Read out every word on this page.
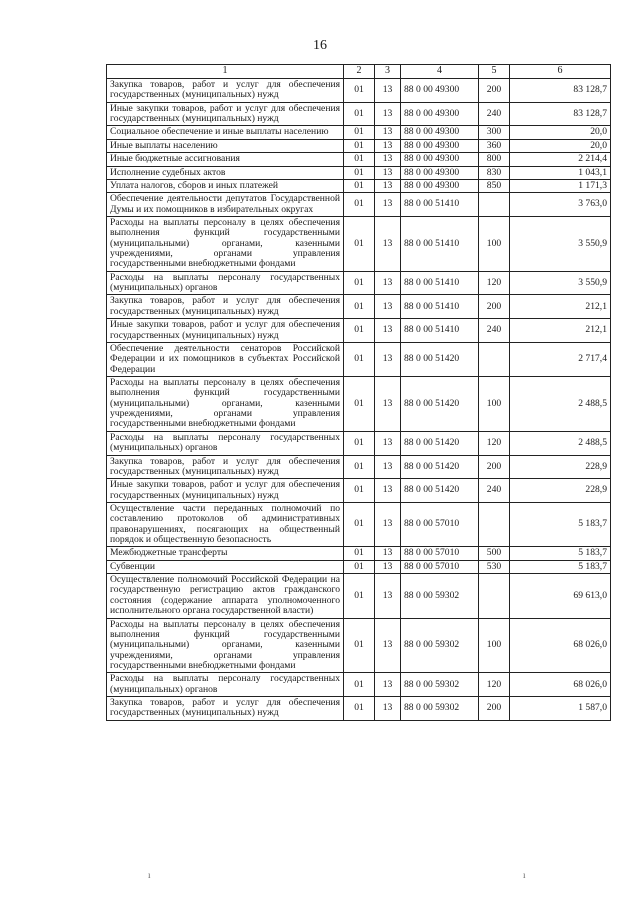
16
1	2	3	4	5	6
Закупка товаров, работ и услуг для обеспечения государственных (муниципальных) нужд	01	13	88 0 00 49300	200	83 128,7
Иные закупки товаров, работ и услуг для обеспечения государственных (муниципальных) нужд	01	13	88 0 00 49300	240	83 128,7
Социальное обеспечение и иные выплаты населению	01	13	88 0 00 49300	300	20,0
Иные выплаты населению	01	13	88 0 00 49300	360	20,0
Иные бюджетные ассигнования	01	13	88 0 00 49300	800	2 214,4
Исполнение судебных актов	01	13	88 0 00 49300	830	1 043,1
Уплата налогов, сборов и иных платежей	01	13	88 0 00 49300	850	1 171,3
Обеспечение деятельности депутатов Государственной Думы и их помощников в избирательных округах	01	13	88 0 00 51410		3 763,0
Расходы на выплаты персоналу в целях обеспечения выполнения функций государственными (муниципальными) органами, казенными учреждениями, органами управления государственными внебюджетными фондами	01	13	88 0 00 51410	100	3 550,9
Расходы на выплаты персоналу государственных (муниципальных) органов	01	13	88 0 00 51410	120	3 550,9
Закупка товаров, работ и услуг для обеспечения государственных (муниципальных) нужд	01	13	88 0 00 51410	200	212,1
Иные закупки товаров, работ и услуг для обеспечения государственных (муниципальных) нужд	01	13	88 0 00 51410	240	212,1
Обеспечение деятельности сенаторов Российской Федерации и их помощников в субъектах Российской Федерации	01	13	88 0 00 51420		2 717,4
Расходы на выплаты персоналу в целях обеспечения выполнения функций государственными (муниципальными) органами, казенными учреждениями, органами управления государственными внебюджетными фондами	01	13	88 0 00 51420	100	2 488,5
Расходы на выплаты персоналу государственных (муниципальных) органов	01	13	88 0 00 51420	120	2 488,5
Закупка товаров, работ и услуг для обеспечения государственных (муниципальных) нужд	01	13	88 0 00 51420	200	228,9
Иные закупки товаров, работ и услуг для обеспечения государственных (муниципальных) нужд	01	13	88 0 00 51420	240	228,9
Осуществление части переданных полномочий по составлению протоколов об административных правонарушениях, посягающих на общественный порядок и общественную безопасность	01	13	88 0 00 57010		5 183,7
Межбюджетные трансферты	01	13	88 0 00 57010	500	5 183,7
Субвенции	01	13	88 0 00 57010	530	5 183,7
Осуществление полномочий Российской Федерации на государственную регистрацию актов гражданского состояния (содержание аппарата уполномоченного исполнительного органа государственной власти)	01	13	88 0 00 59302		69 613,0
Расходы на выплаты персоналу в целях обеспечения выполнения функций государственными (муниципальными) органами, казенными учреждениями, органами управления государственными внебюджетными фондами	01	13	88 0 00 59302	100	68 026,0
Расходы на выплаты персоналу государственных (муниципальных) органов	01	13	88 0 00 59302	120	68 026,0
Закупка товаров, работ и услуг для обеспечения государственных (муниципальных) нужд	01	13	88 0 00 59302	200	1 587,0
ı	ı
